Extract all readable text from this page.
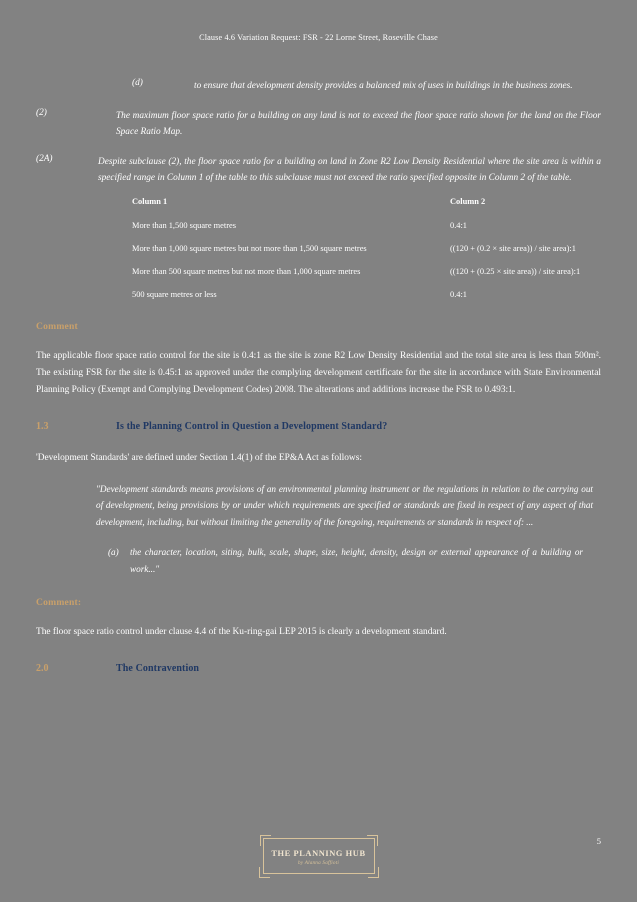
Clause 4.6 Variation Request: FSR - 22 Lorne Street, Roseville Chase
(d)	to ensure that development density provides a balanced mix of uses in buildings in the business zones.
(2)	The maximum floor space ratio for a building on any land is not to exceed the floor space ratio shown for the land on the Floor Space Ratio Map.
(2A)	Despite subclause (2), the floor space ratio for a building on land in Zone R2 Low Density Residential where the site area is within a specified range in Column 1 of the table to this subclause must not exceed the ratio specified opposite in Column 2 of the table.
Column 1	Column 2
More than 1,500 square metres	0.4:1
More than 1,000 square metres but not more than 1,500 square metres	((120 + (0.2 × site area)) / site area):1
More than 500 square metres but not more than 1,000 square metres	((120 + (0.25 × site area)) / site area):1
500 square metres or less	0.4:1
Comment
The applicable floor space ratio control for the site is 0.4:1 as the site is zone R2 Low Density Residential and the total site area is less than 500m². The existing FSR for the site is 0.45:1 as approved under the complying development certificate for the site in accordance with State Environmental Planning Policy (Exempt and Complying Development Codes) 2008. The alterations and additions increase the FSR to 0.493:1.
1.3	Is the Planning Control in Question a Development Standard?
'Development Standards' are defined under Section 1.4(1) of the EP&A Act as follows:
"Development standards means provisions of an environmental planning instrument or the regulations in relation to the carrying out of development, being provisions by or under which requirements are specified or standards are fixed in respect of any aspect of that development, including, but without limiting the generality of the foregoing, requirements or standards in respect of: ...
(a)	the character, location, siting, bulk, scale, shape, size, height, density, design or external appearance of a building or work..."
Comment:
The floor space ratio control under clause 4.4 of the Ku-ring-gai LEP 2015 is clearly a development standard.
2.0	The Contravention
THE PLANNING HUB
by Alanna Saffioti
5
